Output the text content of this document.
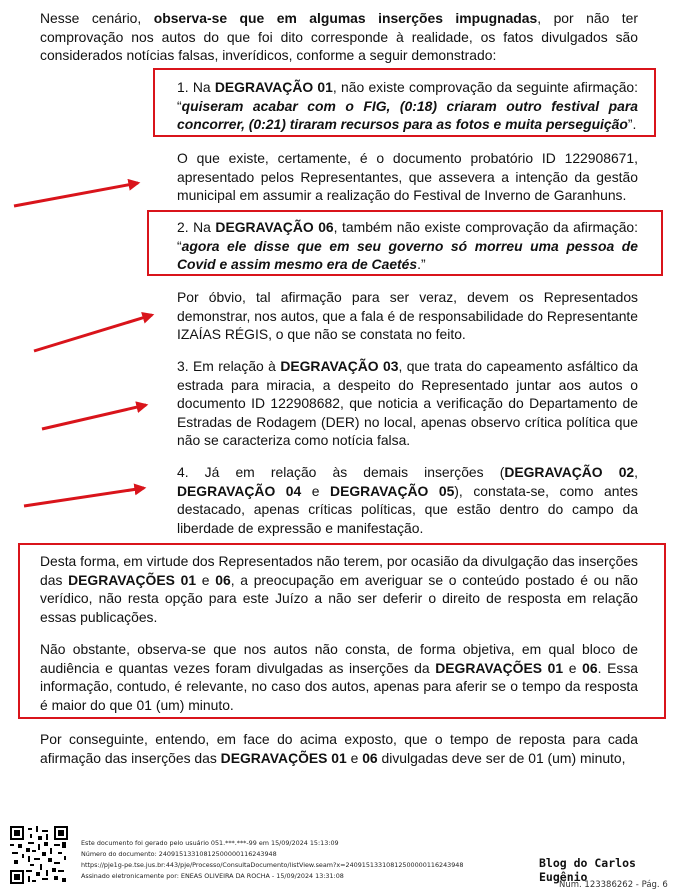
Nesse cenário, observa-se que em algumas inserções impugnadas, por não ter comprovação nos autos do que foi dito corresponde à realidade, os fatos divulgados são considerados notícias falsas, inverídicos, conforme a seguir demonstrado:

1. Na DEGRAVAÇÃO 01, não existe comprovação da seguinte afirmação: “quiseram acabar com o FIG, (0:18) criaram outro festival para concorrer, (0:21) tiraram recursos para as fotos e muita perseguição”.

O que existe, certamente, é o documento probatório ID 122908671, apresentado pelos Representantes, que assevera a intenção da gestão municipal em assumir a realização do Festival de Inverno de Garanhuns.

2. Na DEGRAVAÇÃO 06, também não existe comprovação da afirmação: “agora ele disse que em seu governo só morreu uma pessoa de Covid e assim mesmo era de Caetés.”

Por óbvio, tal afirmação para ser veraz, devem os Representados demonstrar, nos autos, que a fala é de responsabilidade do Representante IZAÍAS RÉGIS, o que não se constata no feito.

3. Em relação à DEGRAVAÇÃO 03, que trata do capeamento asfáltico da estrada para miracia, a despeito do Representado juntar aos autos o documento ID 122908682, que noticia a verificação do Departamento de Estradas de Rodagem (DER) no local, apenas observo crítica política que não se caracteriza como notícia falsa.

4. Já em relação às demais inserções (DEGRAVAÇÃO 02, DEGRAVAÇÃO 04 e DEGRAVAÇÃO 05), constata-se, como antes destacado, apenas críticas políticas, que estão dentro do campo da liberdade de expressão e manifestação.

Desta forma, em virtude dos Representados não terem, por ocasião da divulgação das inserções das DEGRAVAÇÕES 01 e 06, a preocupação em averiguar se o conteúdo postado é ou não verídico, não resta opção para este Juízo a não ser deferir o direito de resposta em relação essas publicações.

Não obstante, observa-se que nos autos não consta, de forma objetiva, em qual bloco de audiência e quantas vezes foram divulgadas as inserções da DEGRAVAÇÕES 01 e 06. Essa informação, contudo, é relevante, no caso dos autos, apenas para aferir se o tempo da resposta é maior do que 01 (um) minuto.

Por conseguinte, entendo, em face do acima exposto, que o tempo de reposta para cada afirmação das inserções das DEGRAVAÇÕES 01 e 06 divulgadas deve ser de 01 (um) minuto,

Este documento foi gerado pelo usuário 051.***.***-99 em 15/09/2024 15:13:09
Número do documento: 24091513310812500000116243948
https://pje1g-pe.tse.jus.br:443/pje/Processo/ConsultaDocumento/listView.seam?x=24091513310812500000116243948
Assinado eletronicamente por: ENEAS OLIVEIRA DA ROCHA - 15/09/2024 13:31:08
Blog do Carlos Eugênio
Num. 123386262 - Pág. 6
